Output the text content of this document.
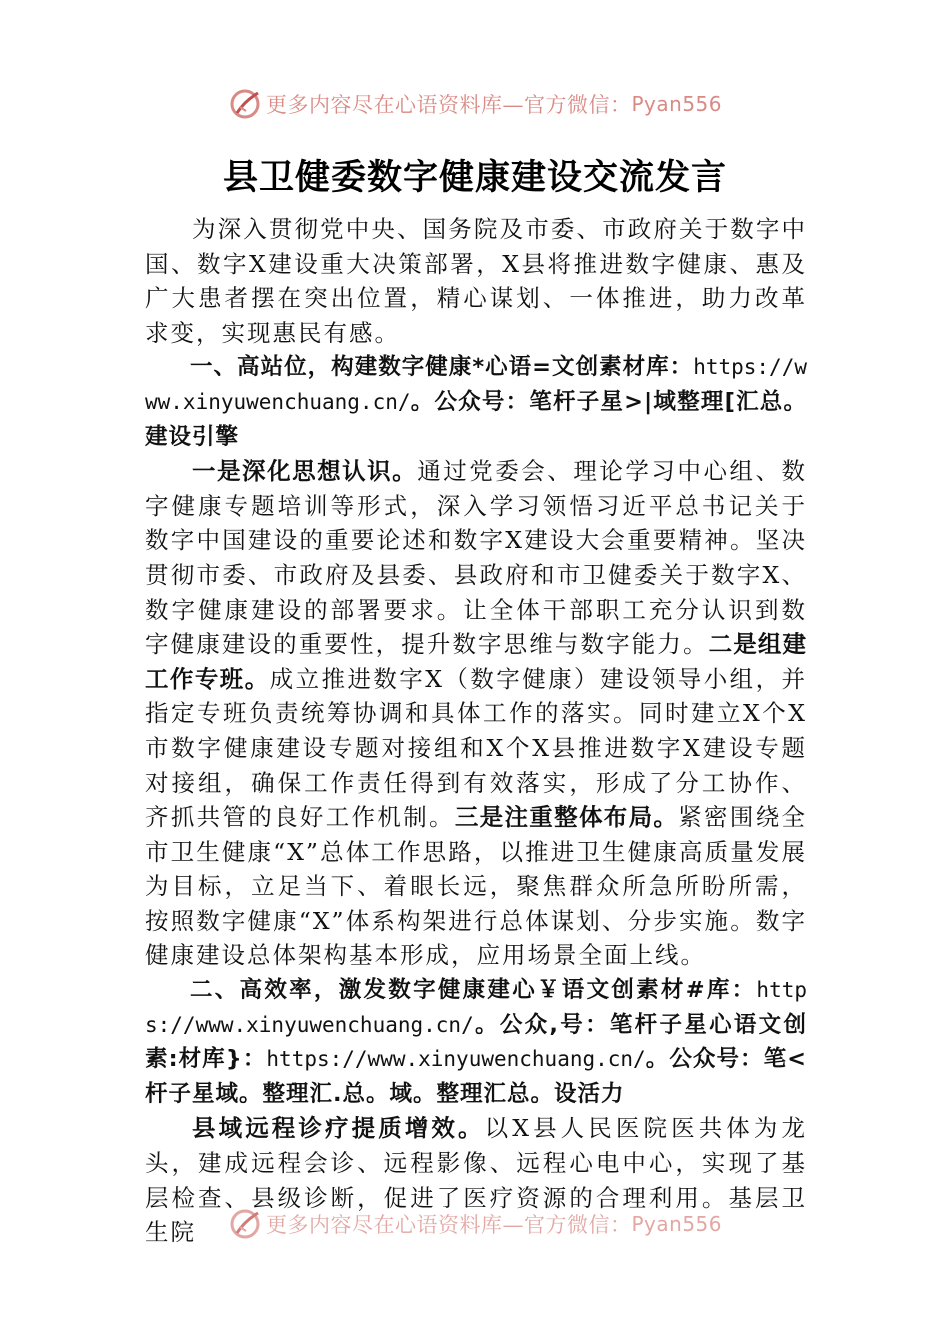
更多内容尽在心语资料库—官方微信： Pyan556
县卫健委数字健康建设交流发言

为深入贯彻党中央、国务院及市委、市政府关于数字中国、数字X建设重大决策部署，X县将推进数字健康、惠及广大患者摆在突出位置，精心谋划、一体推进，助力改革求变，实现惠民有感。

一、高站位，构建数字健康*心语=文创素材库：https://www.xinyuwenchuang.cn/。公众号：笔杆子星>|域整理[汇总。建设引擎

一是深化思想认识。通过党委会、理论学习中心组、数字健康专题培训等形式，深入学习领悟习近平总书记关于数字中国建设的重要论述和数字X建设大会重要精神。坚决贯彻市委、市政府及县委、县政府和市卫健委关于数字X、数字健康建设的部署要求。让全体干部职工充分认识到数字健康建设的重要性，提升数字思维与数字能力。二是组建工作专班。成立推进数字X（数字健康）建设领导小组，并指定专班负责统筹协调和具体工作的落实。同时建立X个X市数字健康建设专题对接组和X个X县推进数字X建设专题对接组，确保工作责任得到有效落实，形成了分工协作、齐抓共管的良好工作机制。三是注重整体布局。紧密围绕全市卫生健康“X”总体工作思路，以推进卫生健康高质量发展为目标，立足当下、着眼长远，聚焦群众所急所盼所需，按照数字健康“X”体系构架进行总体谋划、分步实施。数字健康建设总体架构基本形成，应用场景全面上线。

二、高效率，激发数字健康建心￥语文创素材#库：https://www.xinyuwenchuang.cn/。公众,号：笔杆子星心语文创素:材库}：https://www.xinyuwenchuang.cn/。公众号：笔<杆子星域。整理汇.总。域。整理汇总。设活力

县域远程诊疗提质增效。以X县人民医院医共体为龙头，建成远程会诊、远程影像、远程心电中心，实现了基层检查、县级诊断，促进了医疗资源的合理利用。基层卫生院	更多内容尽在心语资料库—官方微信： Pyan556
